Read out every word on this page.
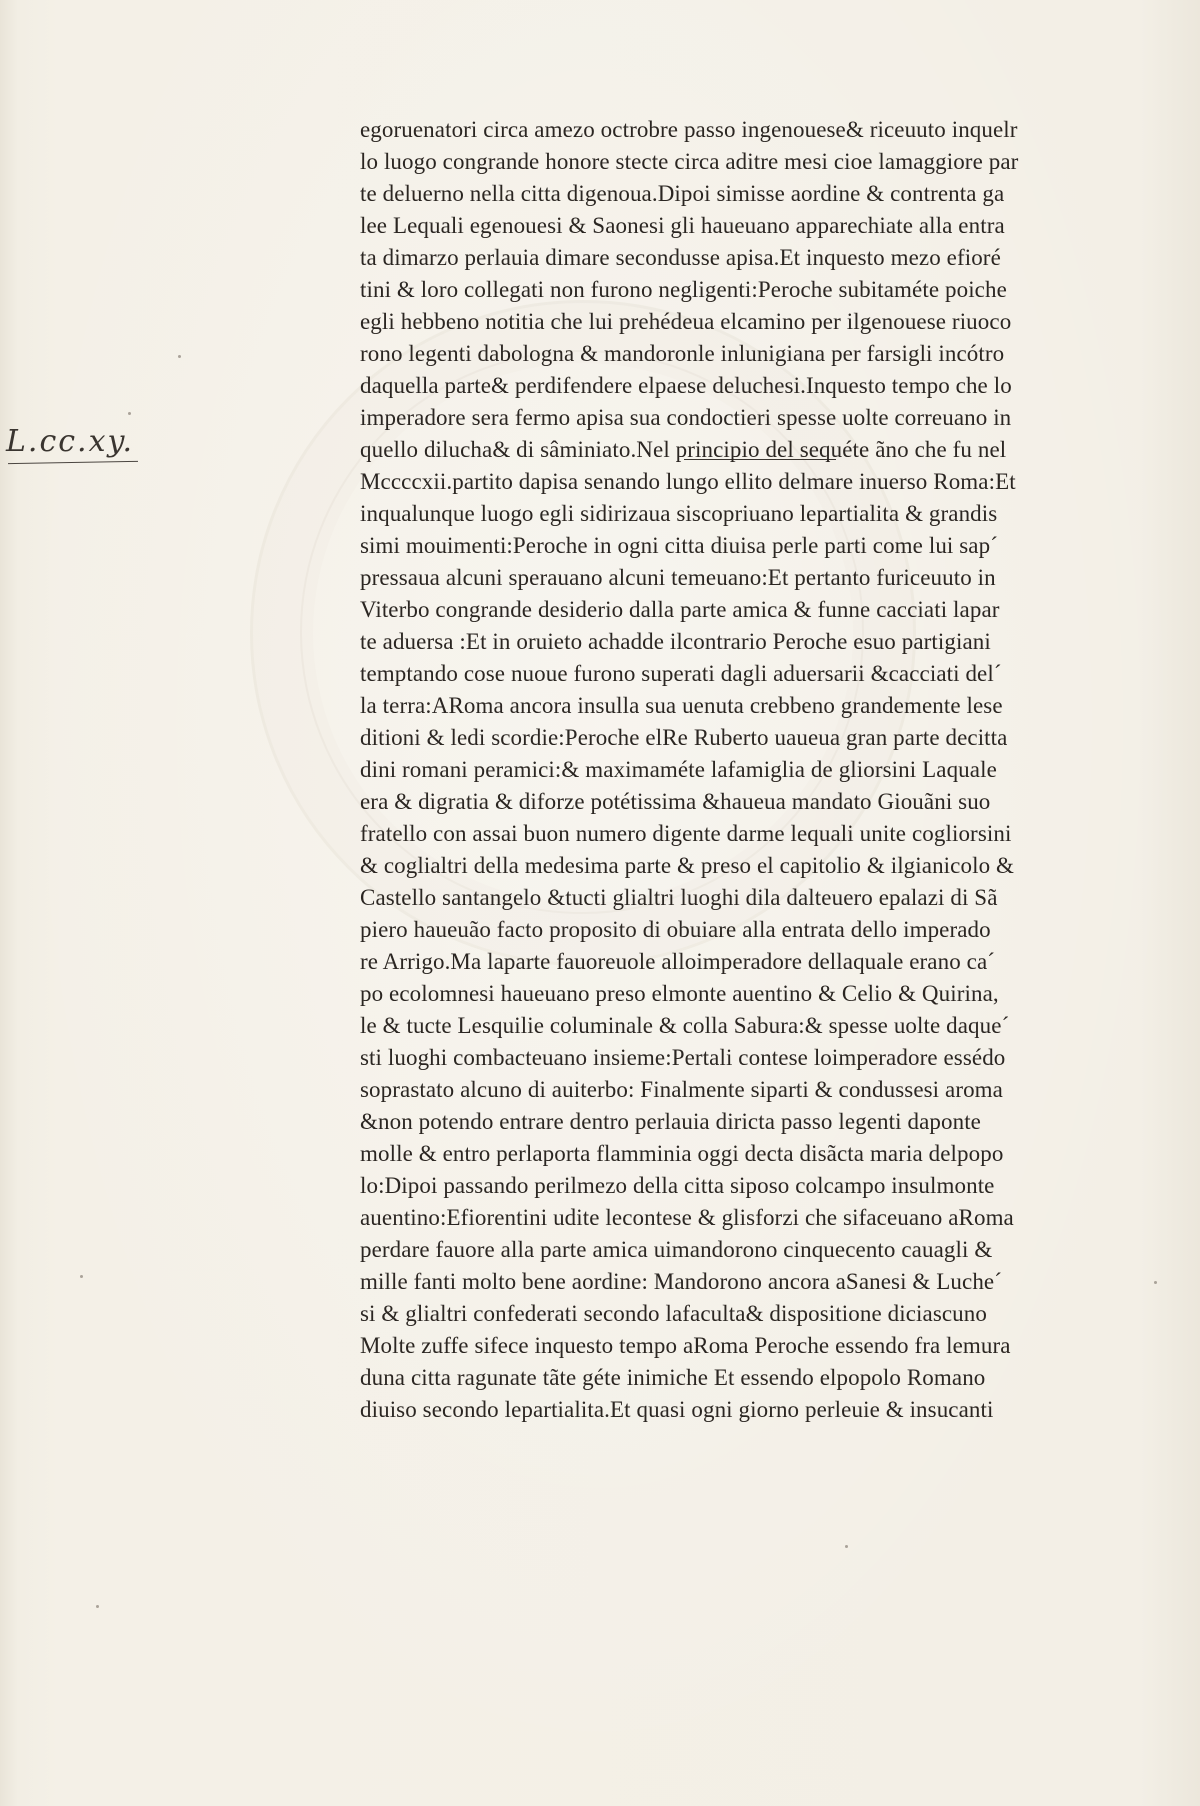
L.cc.xy.
egoruenatori circa amezo octrobre passo ingenouese& riceuuto inquelr
lo luogo congrande honore stecte circa aditre mesi cioe lamaggiore par
te deluerno nella citta digenoua.Dipoi simisse aordine & contrenta ga
lee Lequali egenouesi & Saonesi gli haueuano apparechiate alla entra
ta dimarzo perlauia dimare secondusse apisa.Et inquesto mezo efioré
tini & loro collegati non furono negligenti:Peroche subitaméte poiche
egli hebbeno notitia che lui prehédeua elcamino per ilgenouese riuoco
rono legenti dabologna & mandoronle inlunigiana per farsigli incótro
daquella parte& perdifendere elpaese deluchesi.Inquesto tempo che lo
imperadore sera fermo apisa sua condoctieri spesse uolte correuano in
quello dilucha& di sâminiato.Nel principio del sequéte ãno che fu nel
Mccccxii.partito dapisa senando lungo ellito delmare inuerso Roma:Et
inqualunque luogo egli sidirizaua siscopriuano lepartialita & grandis
simi mouimenti:Peroche in ogni citta diuisa perle parti come lui sap´
pressaua alcuni sperauano alcuni temeuano:Et pertanto furiceuuto in
Viterbo congrande desiderio dalla parte amica & funne cacciati lapar
te aduersa :Et in oruieto achadde ilcontrario Peroche esuo partigiani
temptando cose nuoue furono superati dagli aduersarii &cacciati del´
la terra:ARoma ancora insulla sua uenuta crebbeno grandemente lese
ditioni & ledi scordie:Peroche elRe Ruberto uaueua gran parte decitta
dini romani peramici:& maximaméte lafamiglia de gliorsini Laquale
era & digratia & diforze potétissima &haueua mandato Giouãni suo
fratello con assai buon numero digente darme lequali unite cogliorsini
& coglialtri della medesima parte & preso el capitolio & ilgianicolo &
Castello santangelo &tucti glialtri luoghi dila dalteuero epalazi di Sã
piero haueuão facto proposito di obuiare alla entrata dello imperado
re Arrigo.Ma laparte fauoreuole alloimperadore dellaquale erano ca´
po ecolomnesi haueuano preso elmonte auentino & Celio & Quirina,
le & tucte Lesquilie columinale & colla Sabura:& spesse uolte daque´
sti luoghi combacteuano insieme:Pertali contese loimperadore essédo
soprastato alcuno di auiterbo: Finalmente siparti & condussesi aroma
&non potendo entrare dentro perlauia diricta passo legenti daponte
molle & entro perlaporta flamminia oggi decta disãcta maria delpopo
lo:Dipoi passando perilmezo della citta siposo colcampo insulmonte
auentino:Efiorentini udite lecontese & glisforzi che sifaceuano aRoma
perdare fauore alla parte amica uimandorono cinquecento cauagli &
mille fanti molto bene aordine: Mandorono ancora aSanesi & Luche´
si & glialtri confederati secondo lafaculta& dispositione diciascuno
Molte zuffe sifece inquesto tempo aRoma Peroche essendo fra lemura
duna citta ragunate tãte géte inimiche Et essendo elpopolo Romano
diuiso secondo lepartialita.Et quasi ogni giorno perleuie & insucanti
